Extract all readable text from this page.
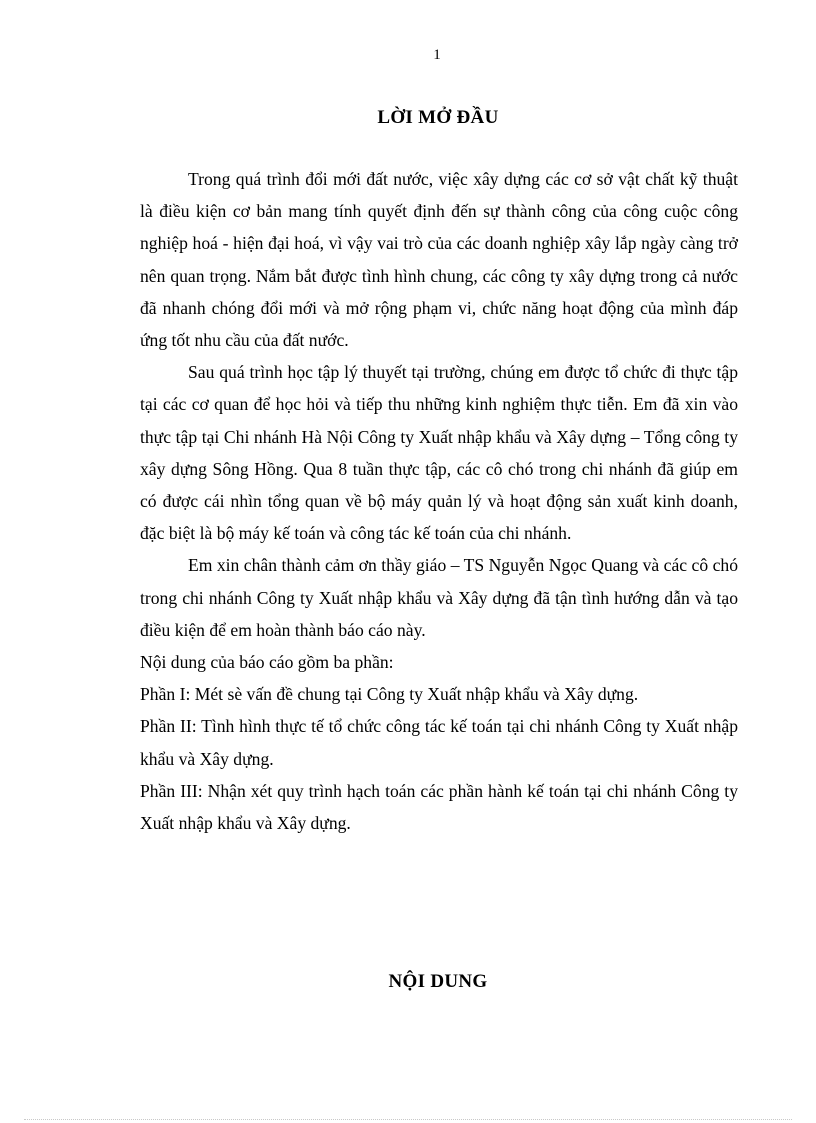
1
LỜI MỞ ĐẦU

Trong quá trình đổi mới đất nước, việc xây dựng các cơ sở vật chất kỹ thuật là điều kiện cơ bản mang tính quyết định đến sự thành công của công cuộc công nghiệp hoá - hiện đại hoá, vì vậy vai trò của các doanh nghiệp xây lắp ngày càng trở nên quan trọng. Nắm bắt được tình hình chung, các công ty xây dựng trong cả nước đã nhanh chóng đổi mới và mở rộng phạm vi, chức năng hoạt động của mình đáp ứng tốt nhu cầu của đất nước.

Sau quá trình học tập lý thuyết tại trường, chúng em được tổ chức đi thực tập tại các cơ quan để học hỏi và tiếp thu những kinh nghiệm thực tiễn. Em đã xin vào thực tập tại Chi nhánh Hà Nội Công ty Xuất nhập khẩu và Xây dựng – Tổng công ty xây dựng Sông Hồng. Qua 8 tuần thực tập, các cô chó trong chi nhánh đã giúp em có được cái nhìn tổng quan về bộ máy quản lý và hoạt động sản xuất kinh doanh, đặc biệt là bộ máy kế toán và công tác kế toán của chi nhánh.

Em xin chân thành cảm ơn thầy giáo – TS Nguyễn Ngọc Quang và các cô chó trong chi nhánh Công ty Xuất nhập khẩu và Xây dựng đã tận tình hướng dẫn và tạo điều kiện để em hoàn thành báo cáo này.

Nội dung của báo cáo gồm ba phần:

Phần I: Mét sè vấn đề chung tại Công ty Xuất nhập khẩu và Xây dựng.

Phần II: Tình hình thực tế tổ chức công tác kế toán tại chi nhánh Công ty Xuất nhập khẩu và Xây dựng.

Phần III: Nhận xét quy trình hạch toán các phần hành kế toán tại chi nhánh Công ty Xuất nhập khẩu và Xây dựng.

NỘI DUNG
